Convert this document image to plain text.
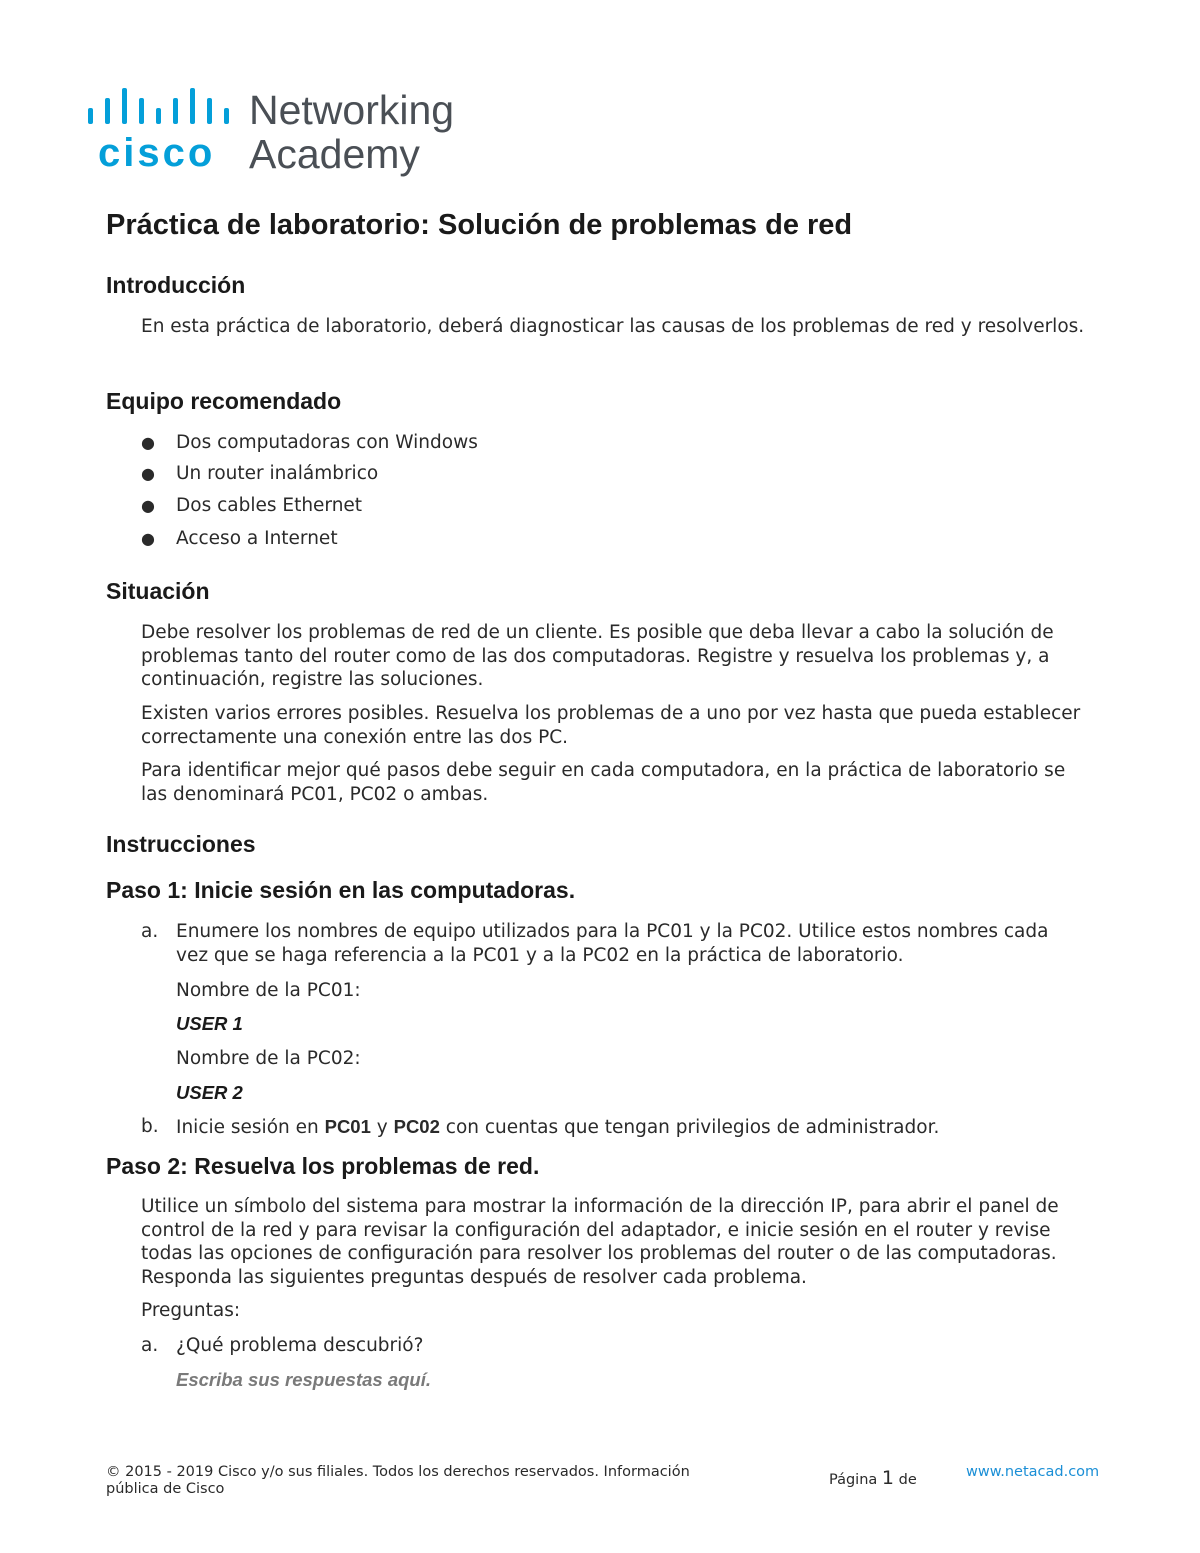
cisco
Networking
Academy
Práctica de laboratorio: Solución de problemas de red
Introducción

En esta práctica de laboratorio, deberá diagnosticar las causas de los problemas de red y resolverlos.

Equipo recomendado
● Dos computadoras con Windows
● Un router inalámbrico
● Dos cables Ethernet
● Acceso a Internet
Situación

Debe resolver los problemas de red de un cliente. Es posible que deba llevar a cabo la solución de problemas tanto del router como de las dos computadoras. Registre y resuelva los problemas y, a continuación, registre las soluciones.

Existen varios errores posibles. Resuelva los problemas de a uno por vez hasta que pueda establecer correctamente una conexión entre las dos PC.

Para identificar mejor qué pasos debe seguir en cada computadora, en la práctica de laboratorio se las denominará PC01, PC02 o ambas.

Instrucciones
Paso 1: Inicie sesión en las computadoras.
a. Enumere los nombres de equipo utilizados para la PC01 y la PC02. Utilice estos nombres cada vez que se haga referencia a la PC01 y a la PC02 en la práctica de laboratorio.
Nombre de la PC01:
USER 1
Nombre de la PC02:
USER 2
b. Inicie sesión en PC01 y PC02 con cuentas que tengan privilegios de administrador.
Paso 2: Resuelva los problemas de red.

Utilice un símbolo del sistema para mostrar la información de la dirección IP, para abrir el panel de control de la red y para revisar la configuración del adaptador, e inicie sesión en el router y revise todas las opciones de configuración para resolver los problemas del router o de las computadoras. Responda las siguientes preguntas después de resolver cada problema.

Preguntas:
a. ¿Qué problema descubrió?
Escriba sus respuestas aquí.
© 2015 - 2019 Cisco y/o sus filiales. Todos los derechos reservados. Información pública de Cisco
Página 1 de	www.netacad.com
